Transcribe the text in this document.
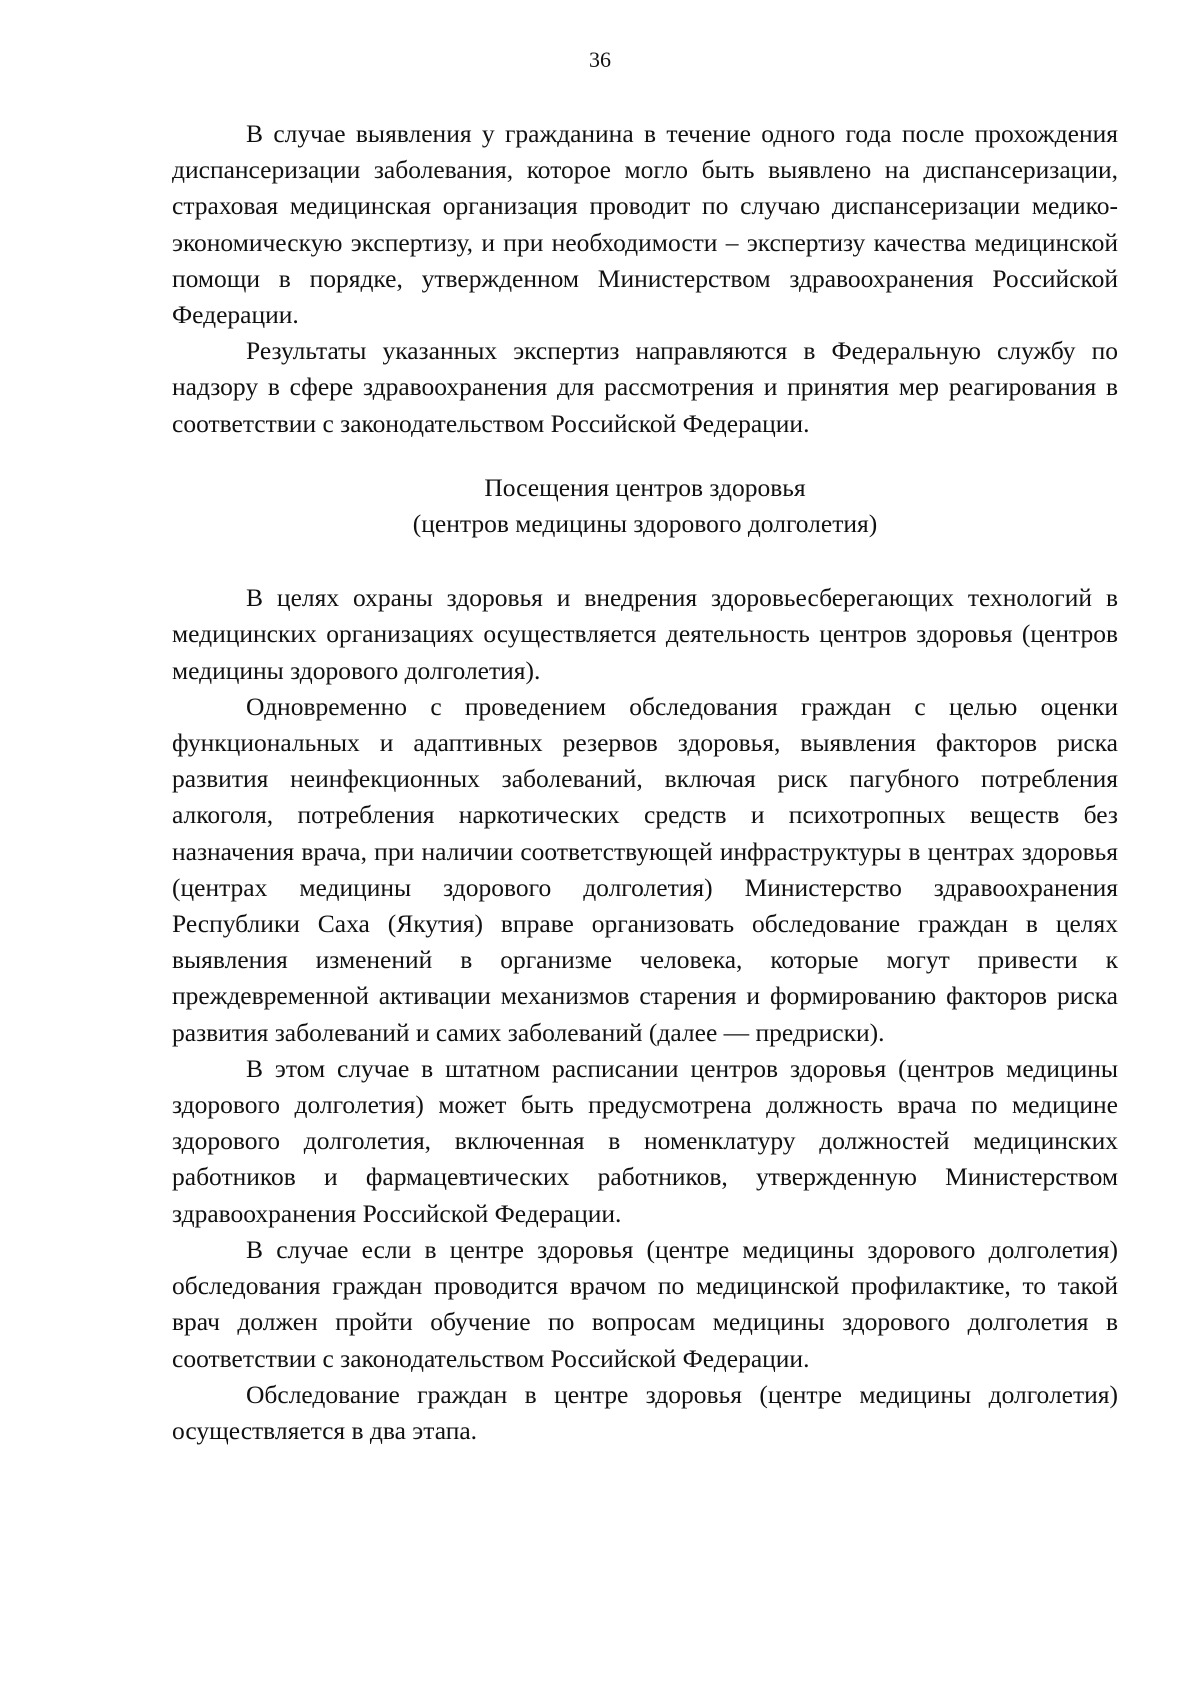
36

В случае выявления у гражданина в течение одного года после прохождения диспансеризации заболевания, которое могло быть выявлено на диспансеризации, страховая медицинская организация проводит по случаю диспансеризации медико-экономическую экспертизу, и при необходимости – экспертизу качества медицинской помощи в порядке, утвержденном Министерством здравоохранения Российской Федерации.

Результаты указанных экспертиз направляются в Федеральную службу по надзору в сфере здравоохранения для рассмотрения и принятия мер реагирования в соответствии с законодательством Российской Федерации.

Посещения центров здоровья

(центров медицины здорового долголетия)

В целях охраны здоровья и внедрения здоровьесберегающих технологий в медицинских организациях осуществляется деятельность центров здоровья (центров медицины здорового долголетия).

Одновременно с проведением обследования граждан с целью оценки функциональных и адаптивных резервов здоровья, выявления факторов риска развития неинфекционных заболеваний, включая риск пагубного потребления алкоголя, потребления наркотических средств и психотропных веществ без назначения врача, при наличии соответствующей инфраструктуры в центрах здоровья (центрах медицины здорового долголетия) Министерство здравоохранения Республики Саха (Якутия) вправе организовать обследование граждан в целях выявления изменений в организме человека, которые могут привести к преждевременной активации механизмов старения и формированию факторов риска развития заболеваний и самих заболеваний (далее — предриски).

В этом случае в штатном расписании центров здоровья (центров медицины здорового долголетия) может быть предусмотрена должность врача по медицине здорового долголетия, включенная в номенклатуру должностей медицинских работников и фармацевтических работников, утвержденную Министерством здравоохранения Российской Федерации.

В случае если в центре здоровья (центре медицины здорового долголетия) обследования граждан проводится врачом по медицинской профилактике, то такой врач должен пройти обучение по вопросам медицины здорового долголетия в соответствии с законодательством Российской Федерации.

Обследование граждан в центре здоровья (центре медицины долголетия) осуществляется в два этапа.
